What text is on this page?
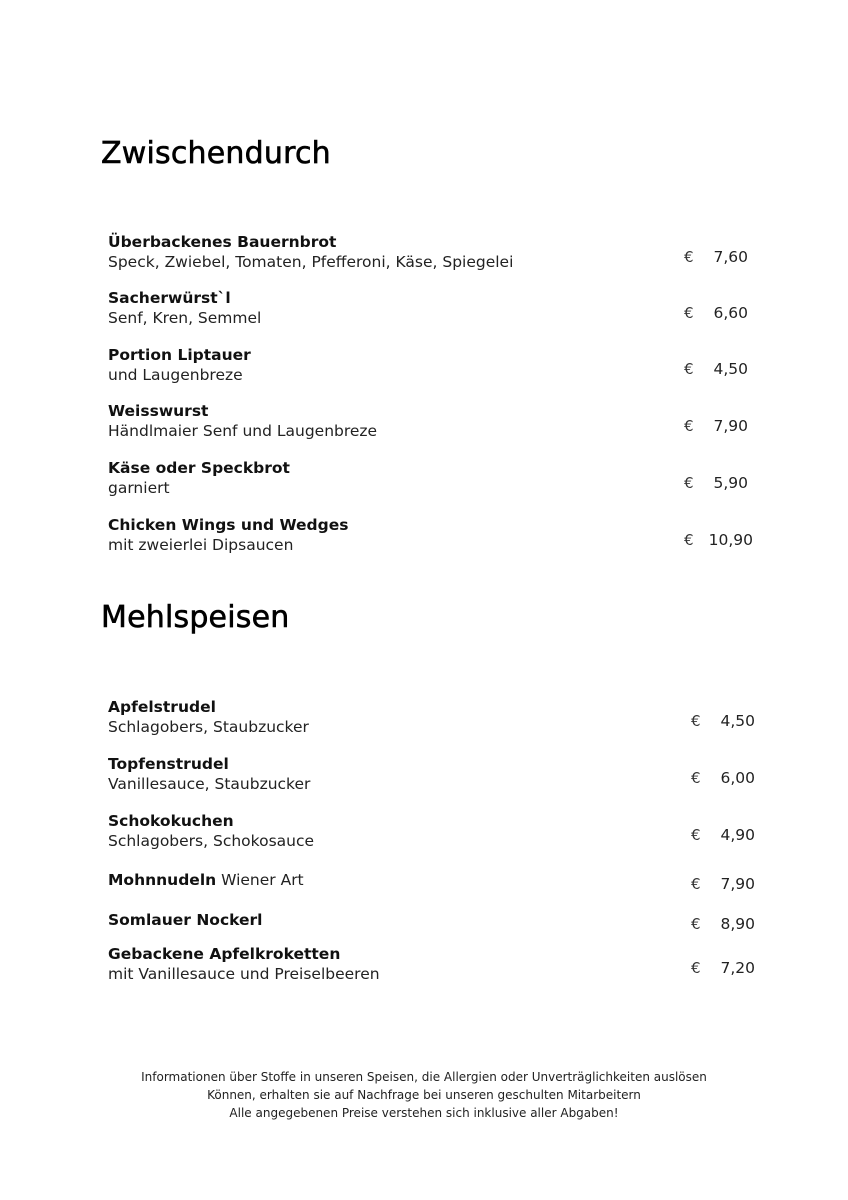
Zwischendurch
Überbackenes Bauernbrot
Speck, Zwiebel, Tomaten, Pfefferoni, Käse, Spiegelei	€	7,60
Sacherwürst`l
Senf, Kren, Semmel	€	6,60
Portion Liptauer
und Laugenbreze	€	4,50
Weisswurst
Händlmaier Senf und Laugenbreze	€	7,90
Käse oder Speckbrot
garniert	€	5,90
Chicken Wings und Wedges
mit zweierlei Dipsaucen	€ 10,90
Mehlspeisen
Apfelstrudel
Schlagobers, Staubzucker	€	4,50
Topfenstrudel
Vanillesauce, Staubzucker	€	6,00
Schokokuchen
Schlagobers, Schokosauce	€	4,90
Mohnnudeln Wiener Art	€	7,90
Somlauer Nockerl	€	8,90
Gebackene Apfelkroketten
mit Vanillesauce und Preiselbeeren	€	7,20
Informationen über Stoffe in unseren Speisen, die Allergien oder Unverträglichkeiten auslösen
Können, erhalten sie auf Nachfrage bei unseren geschulten Mitarbeitern
Alle angegebenen Preise verstehen sich inklusive aller Abgaben!
